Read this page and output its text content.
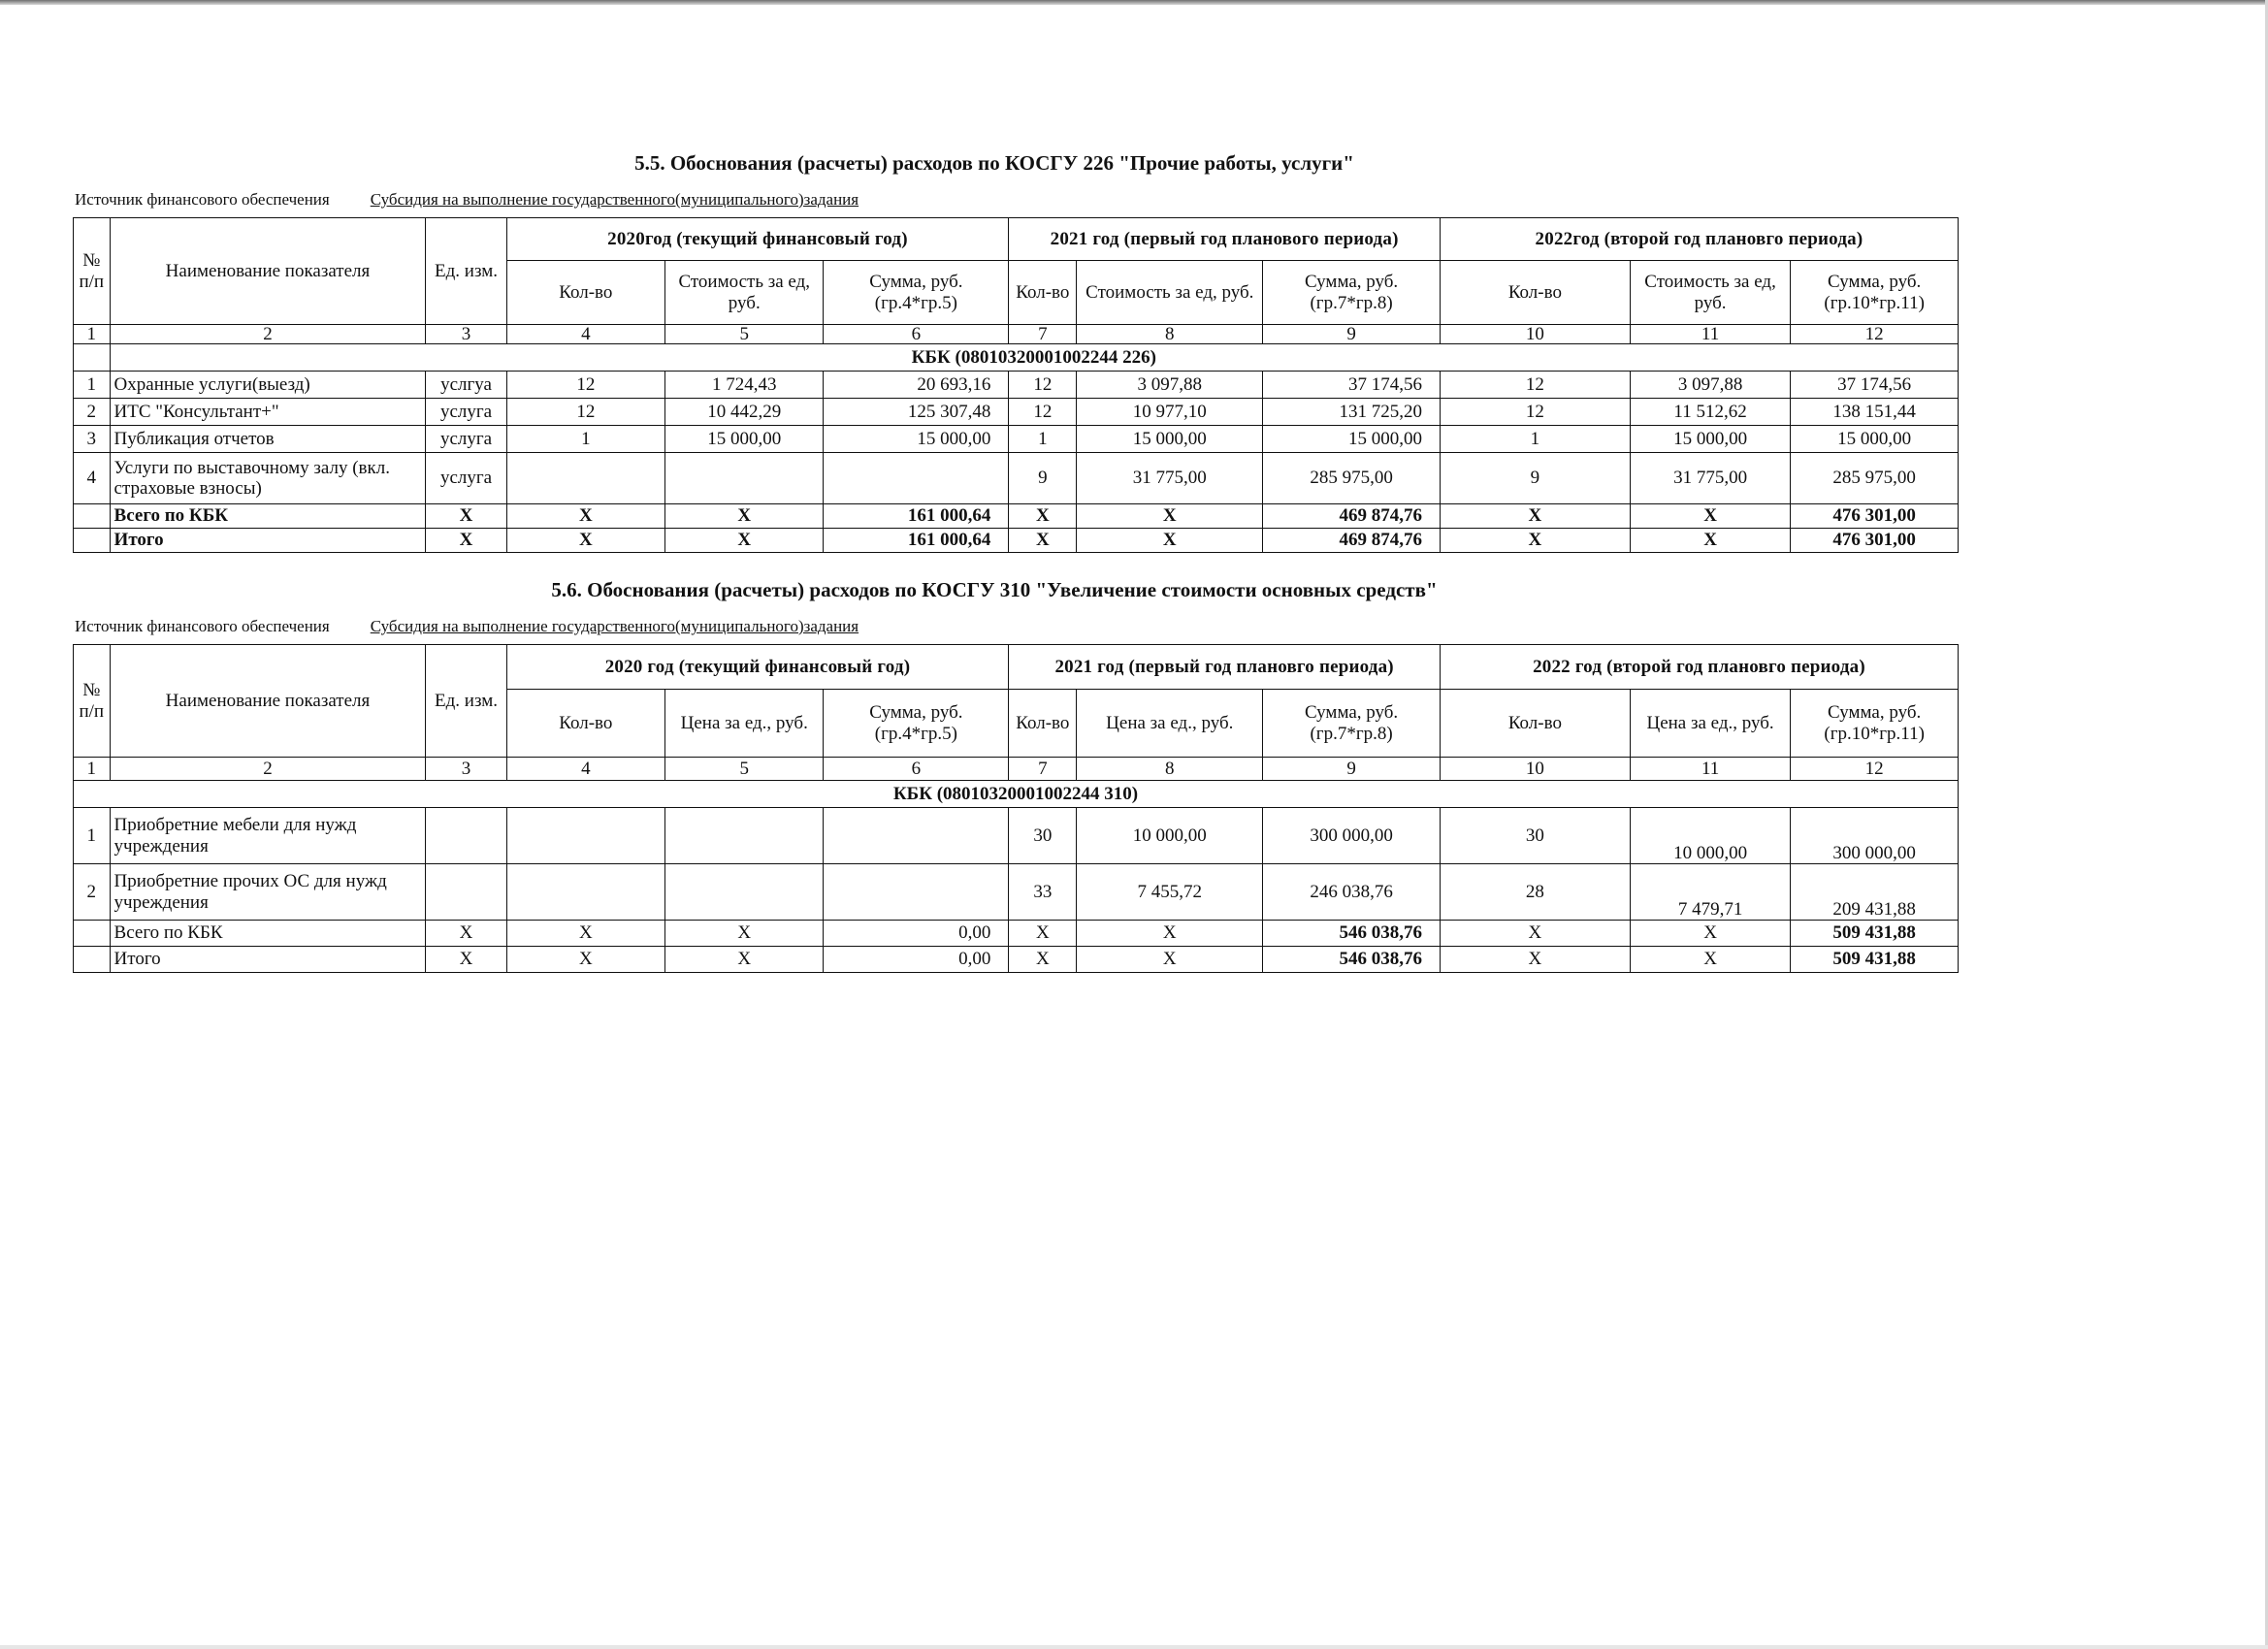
5.5. Обоснования (расчеты) расходов по КОСГУ 226 "Прочие работы, услуги"
Источник финансового обеспечения Субсидия на выполнение государственного(муниципального)задания
№ п/п	Наименование показателя	Ед. изм.	2020год (текущий финансовый год)			2021 год (первый год планового периода)			2022год (второй год плановго периода)		
			Кол-во	Стоимость за ед, руб.	Сумма, руб. (гр.4*гр.5)	Кол-во	Стоимость за ед, руб.	Сумма, руб. (гр.7*гр.8)	Кол-во	Стоимость за ед, руб.	Сумма, руб. (гр.10*гр.11)
1	2	3	4	5	6	7	8	9	10	11	12
	КБК (08010320001002244 226)										
1	Охранные услуги(выезд)	услгуа	12	1 724,43	20 693,16	12	3 097,88	37 174,56	12	3 097,88	37 174,56
2	ИТС "Консультант+"	услуга	12	10 442,29	125 307,48	12	10 977,10	131 725,20	12	11 512,62	138 151,44
3	Публикация отчетов	услуга	1	15 000,00	15 000,00	1	15 000,00	15 000,00	1	15 000,00	15 000,00
4	Услуги по выставочному залу (вкл. страховые взносы)	услуга				9	31 775,00	285 975,00	9	31 775,00	285 975,00
	Всего по КБК	X	X	X	161 000,64	X	X	469 874,76	X	X	476 301,00
	Итого	X	X	X	161 000,64	X	X	469 874,76	X	X	476 301,00
5.6. Обоснования (расчеты) расходов по КОСГУ 310 "Увеличение стоимости основных средств"
Источник финансового обеспечения Субсидия на выполнение государственного(муниципального)задания
№ п/п	Наименование показателя	Ед. изм.	2020 год (текущий финансовый год)			2021 год (первый год плановго периода)			2022 год (второй год плановго периода)		
			Кол-во	Цена за ед., руб.	Сумма, руб. (гр.4*гр.5)	Кол-во	Цена за ед., руб.	Сумма, руб. (гр.7*гр.8)	Кол-во	Цена за ед., руб.	Сумма, руб. (гр.10*гр.11)
1	2	3	4	5	6	7	8	9	10	11	12
КБК (08010320001002244 310)											
1	Приобретние мебели для нужд учреждения					30	10 000,00	300 000,00	30	10 000,00	300 000,00
2	Приобретние прочих ОС для нужд учреждения					33	7 455,72	246 038,76	28	7 479,71	209 431,88
	Всего по КБК	X	X	X	0,00	X	X	546 038,76	X	X	509 431,88
	Итого	X	X	X	0,00	X	X	546 038,76	X	X	509 431,88
